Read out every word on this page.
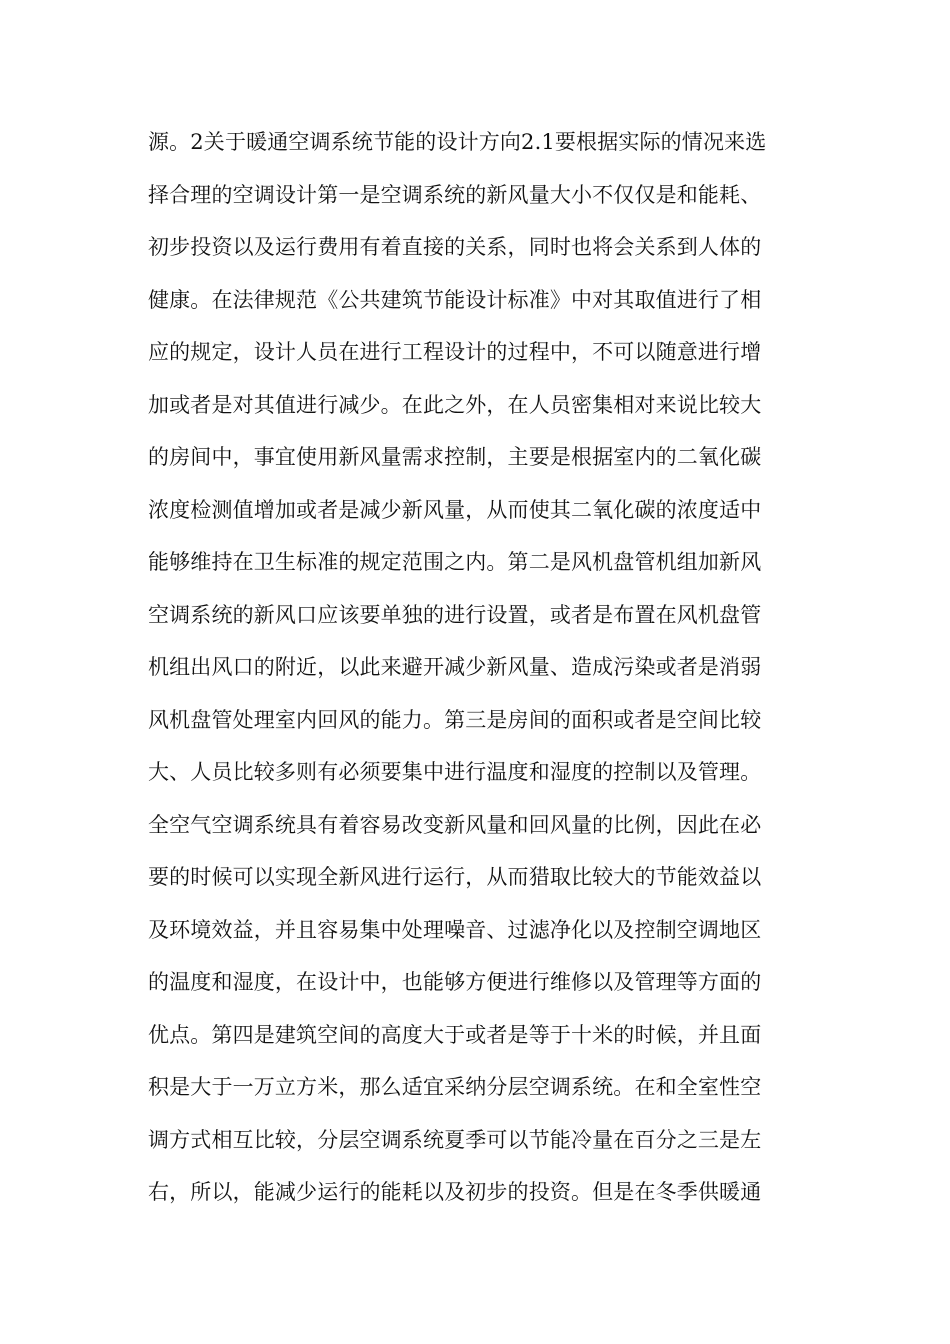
源。2关于暖通空调系统节能的设计方向2.1要根据实际的情况来选
择合理的空调设计第一是空调系统的新风量大小不仅仅是和能耗、
初步投资以及运行费用有着直接的关系，同时也将会关系到人体的
健康。在法律规范《公共建筑节能设计标准》中对其取值进行了相
应的规定，设计人员在进行工程设计的过程中，不可以随意进行增
加或者是对其值进行减少。在此之外，在人员密集相对来说比较大
的房间中，事宜使用新风量需求控制，主要是根据室内的二氧化碳
浓度检测值增加或者是减少新风量，从而使其二氧化碳的浓度适中
能够维持在卫生标准的规定范围之内。第二是风机盘管机组加新风
空调系统的新风口应该要单独的进行设置，或者是布置在风机盘管
机组出风口的附近，以此来避开减少新风量、造成污染或者是消弱
风机盘管处理室内回风的能力。第三是房间的面积或者是空间比较
大、人员比较多则有必须要集中进行温度和湿度的控制以及管理。
全空气空调系统具有着容易改变新风量和回风量的比例，因此在必
要的时候可以实现全新风进行运行，从而猎取比较大的节能效益以
及环境效益，并且容易集中处理噪音、过滤净化以及控制空调地区
的温度和湿度，在设计中，也能够方便进行维修以及管理等方面的
优点。第四是建筑空间的高度大于或者是等于十米的时候，并且面
积是大于一万立方米，那么适宜采纳分层空调系统。在和全室性空
调方式相互比较，分层空调系统夏季可以节能冷量在百分之三是左
右，所以，能减少运行的能耗以及初步的投资。但是在冬季供暖通
